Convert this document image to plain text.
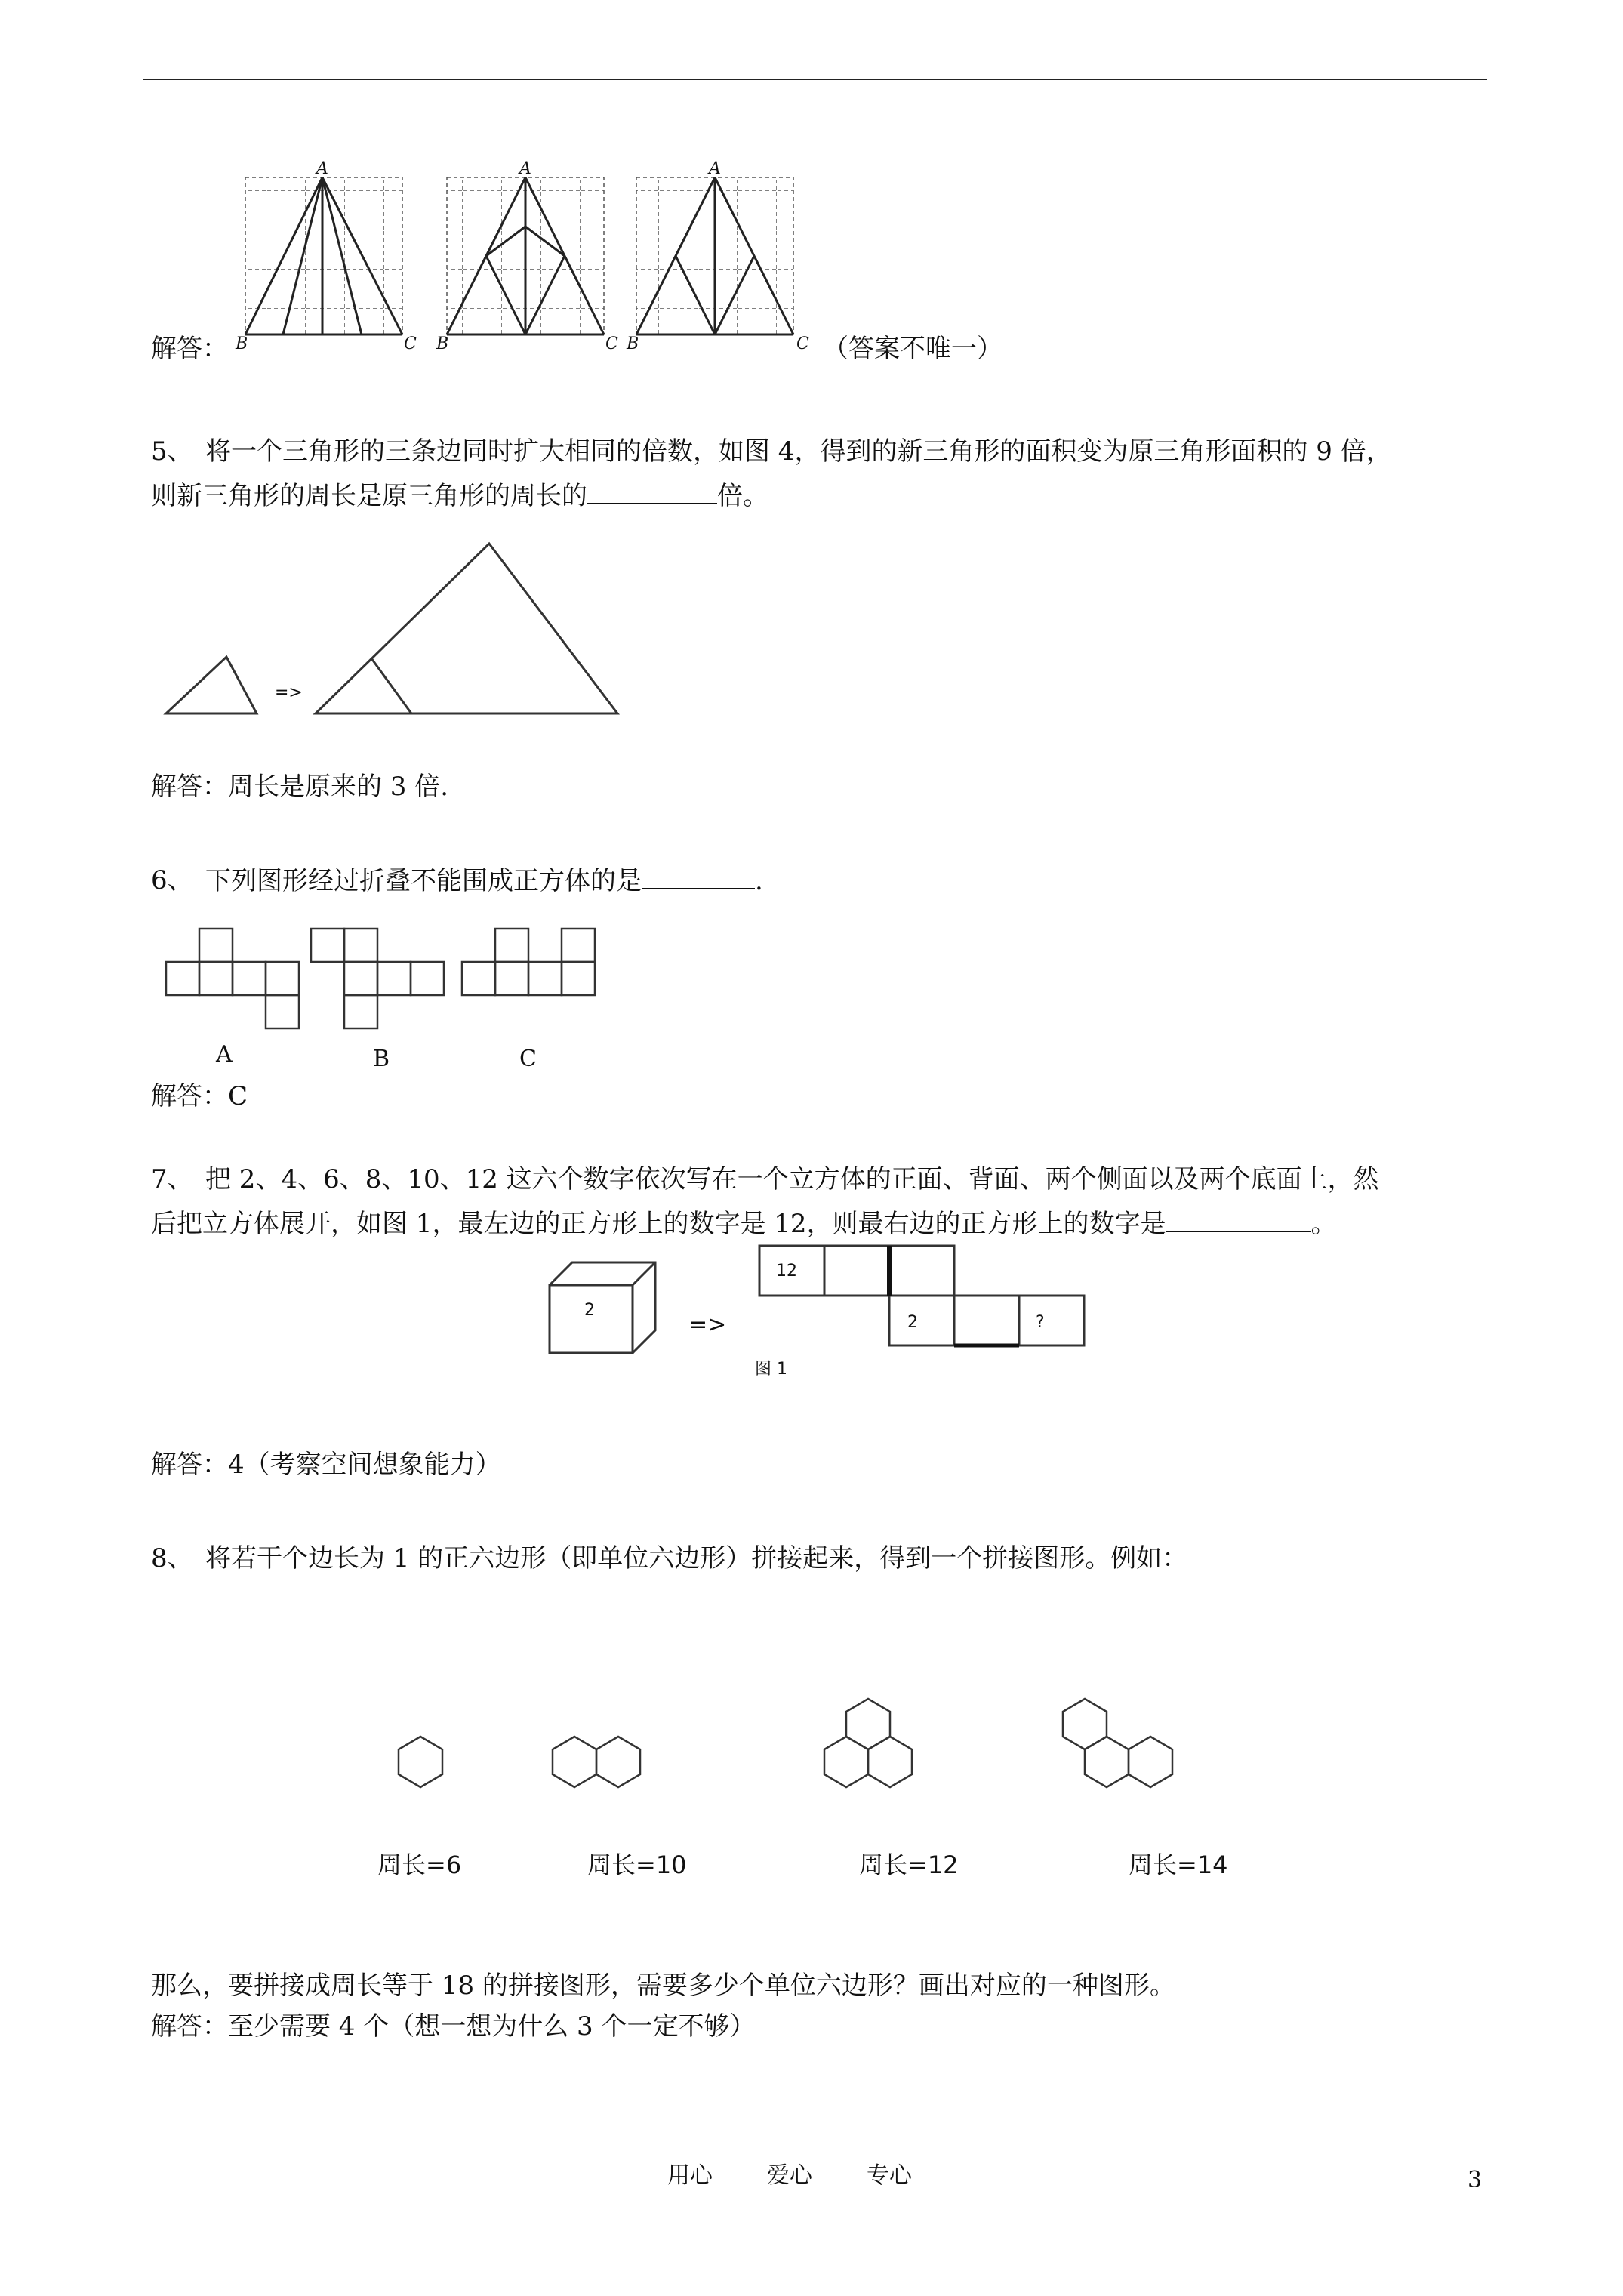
解答：
A
B	C
A
B	C
A
B	C （答案不唯一）
5、 将一个三角形的三条边同时扩大相同的倍数，如图 4，得到的新三角形的面积变为原三角形面积的 9 倍，
则新三角形的周长是原三角形的周长的	倍。
=>
解答：周长是原来的 3 倍.
6、 下列图形经过折叠不能围成正方体的是	.
A	B	C
解答：C
7、 把 2、4、6、8、10、12 这六个数字依次写在一个立方体的正面、背面、两个侧面以及两个底面上，然
后把立方体展开，如图 1，最左边的正方形上的数字是 12，则最右边的正方形上的数字是	。
2
=>
图 1
12
2	?
解答：4（考察空间想象能力）
8、 将若干个边长为 1 的正六边形（即单位六边形）拼接起来，得到一个拼接图形。例如：
周长=6	周长=10	周长=12	周长=14
那么，要拼接成周长等于 18 的拼接图形，需要多少个单位六边形？画出对应的一种图形。
解答：至少需要 4 个（想一想为什么 3 个一定不够）
用心 爱心 专心	3
